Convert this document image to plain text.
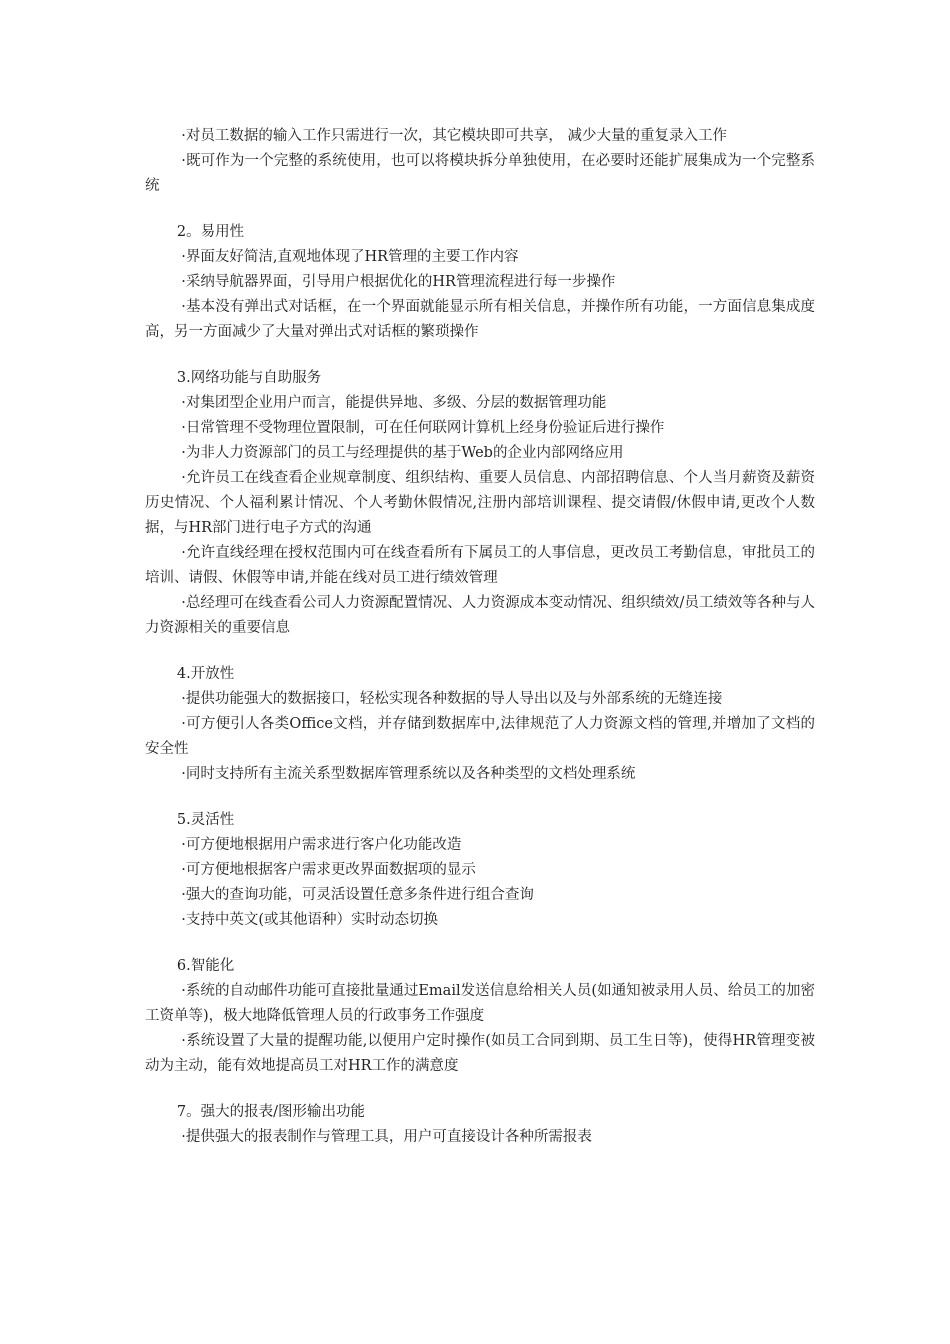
·对员工数据的输入工作只需进行一次，其它模块即可共享， 减少大量的重复录入工作

·既可作为一个完整的系统使用，也可以将模块拆分单独使用，在必要时还能扩展集成为一个完整系统

2。易用性

·界面友好简洁,直观地体现了HR管理的主要工作内容

·采纳导航器界面，引导用户根据优化的HR管理流程进行每一步操作

·基本没有弹出式对话框，在一个界面就能显示所有相关信息，并操作所有功能，一方面信息集成度高，另一方面减少了大量对弹出式对话框的繁琐操作

3.网络功能与自助服务

·对集团型企业用户而言，能提供异地、多级、分层的数据管理功能

·日常管理不受物理位置限制，可在任何联网计算机上经身份验证后进行操作

·为非人力资源部门的员工与经理提供的基于Web的企业内部网络应用

·允许员工在线查看企业规章制度、组织结构、重要人员信息、内部招聘信息、个人当月薪资及薪资历史情况、个人福利累计情况、个人考勤休假情况,注册内部培训课程、提交请假/休假申请,更改个人数据，与HR部门进行电子方式的沟通

·允许直线经理在授权范围内可在线查看所有下属员工的人事信息，更改员工考勤信息，审批员工的培训、请假、休假等申请,并能在线对员工进行绩效管理

·总经理可在线查看公司人力资源配置情况、人力资源成本变动情况、组织绩效/员工绩效等各种与人力资源相关的重要信息

4.开放性

·提供功能强大的数据接口，轻松实现各种数据的导人导出以及与外部系统的无缝连接

·可方便引人各类Office文档，并存储到数据库中,法律规范了人力资源文档的管理,并增加了文档的安全性

·同时支持所有主流关系型数据库管理系统以及各种类型的文档处理系统

5.灵活性

·可方便地根据用户需求进行客户化功能改造

·可方便地根据客户需求更改界面数据项的显示

·强大的查询功能，可灵活设置任意多条件进行组合查询

·支持中英文(或其他语种）实时动态切换

6.智能化

·系统的自动邮件功能可直接批量通过Email发送信息给相关人员(如通知被录用人员、给员工的加密工资单等)，极大地降低管理人员的行政事务工作强度

·系统设置了大量的提醒功能,以便用户定时操作(如员工合同到期、员工生日等)，使得HR管理变被动为主动，能有效地提高员工对HR工作的满意度

7。强大的报表/图形输出功能

·提供强大的报表制作与管理工具，用户可直接设计各种所需报表
